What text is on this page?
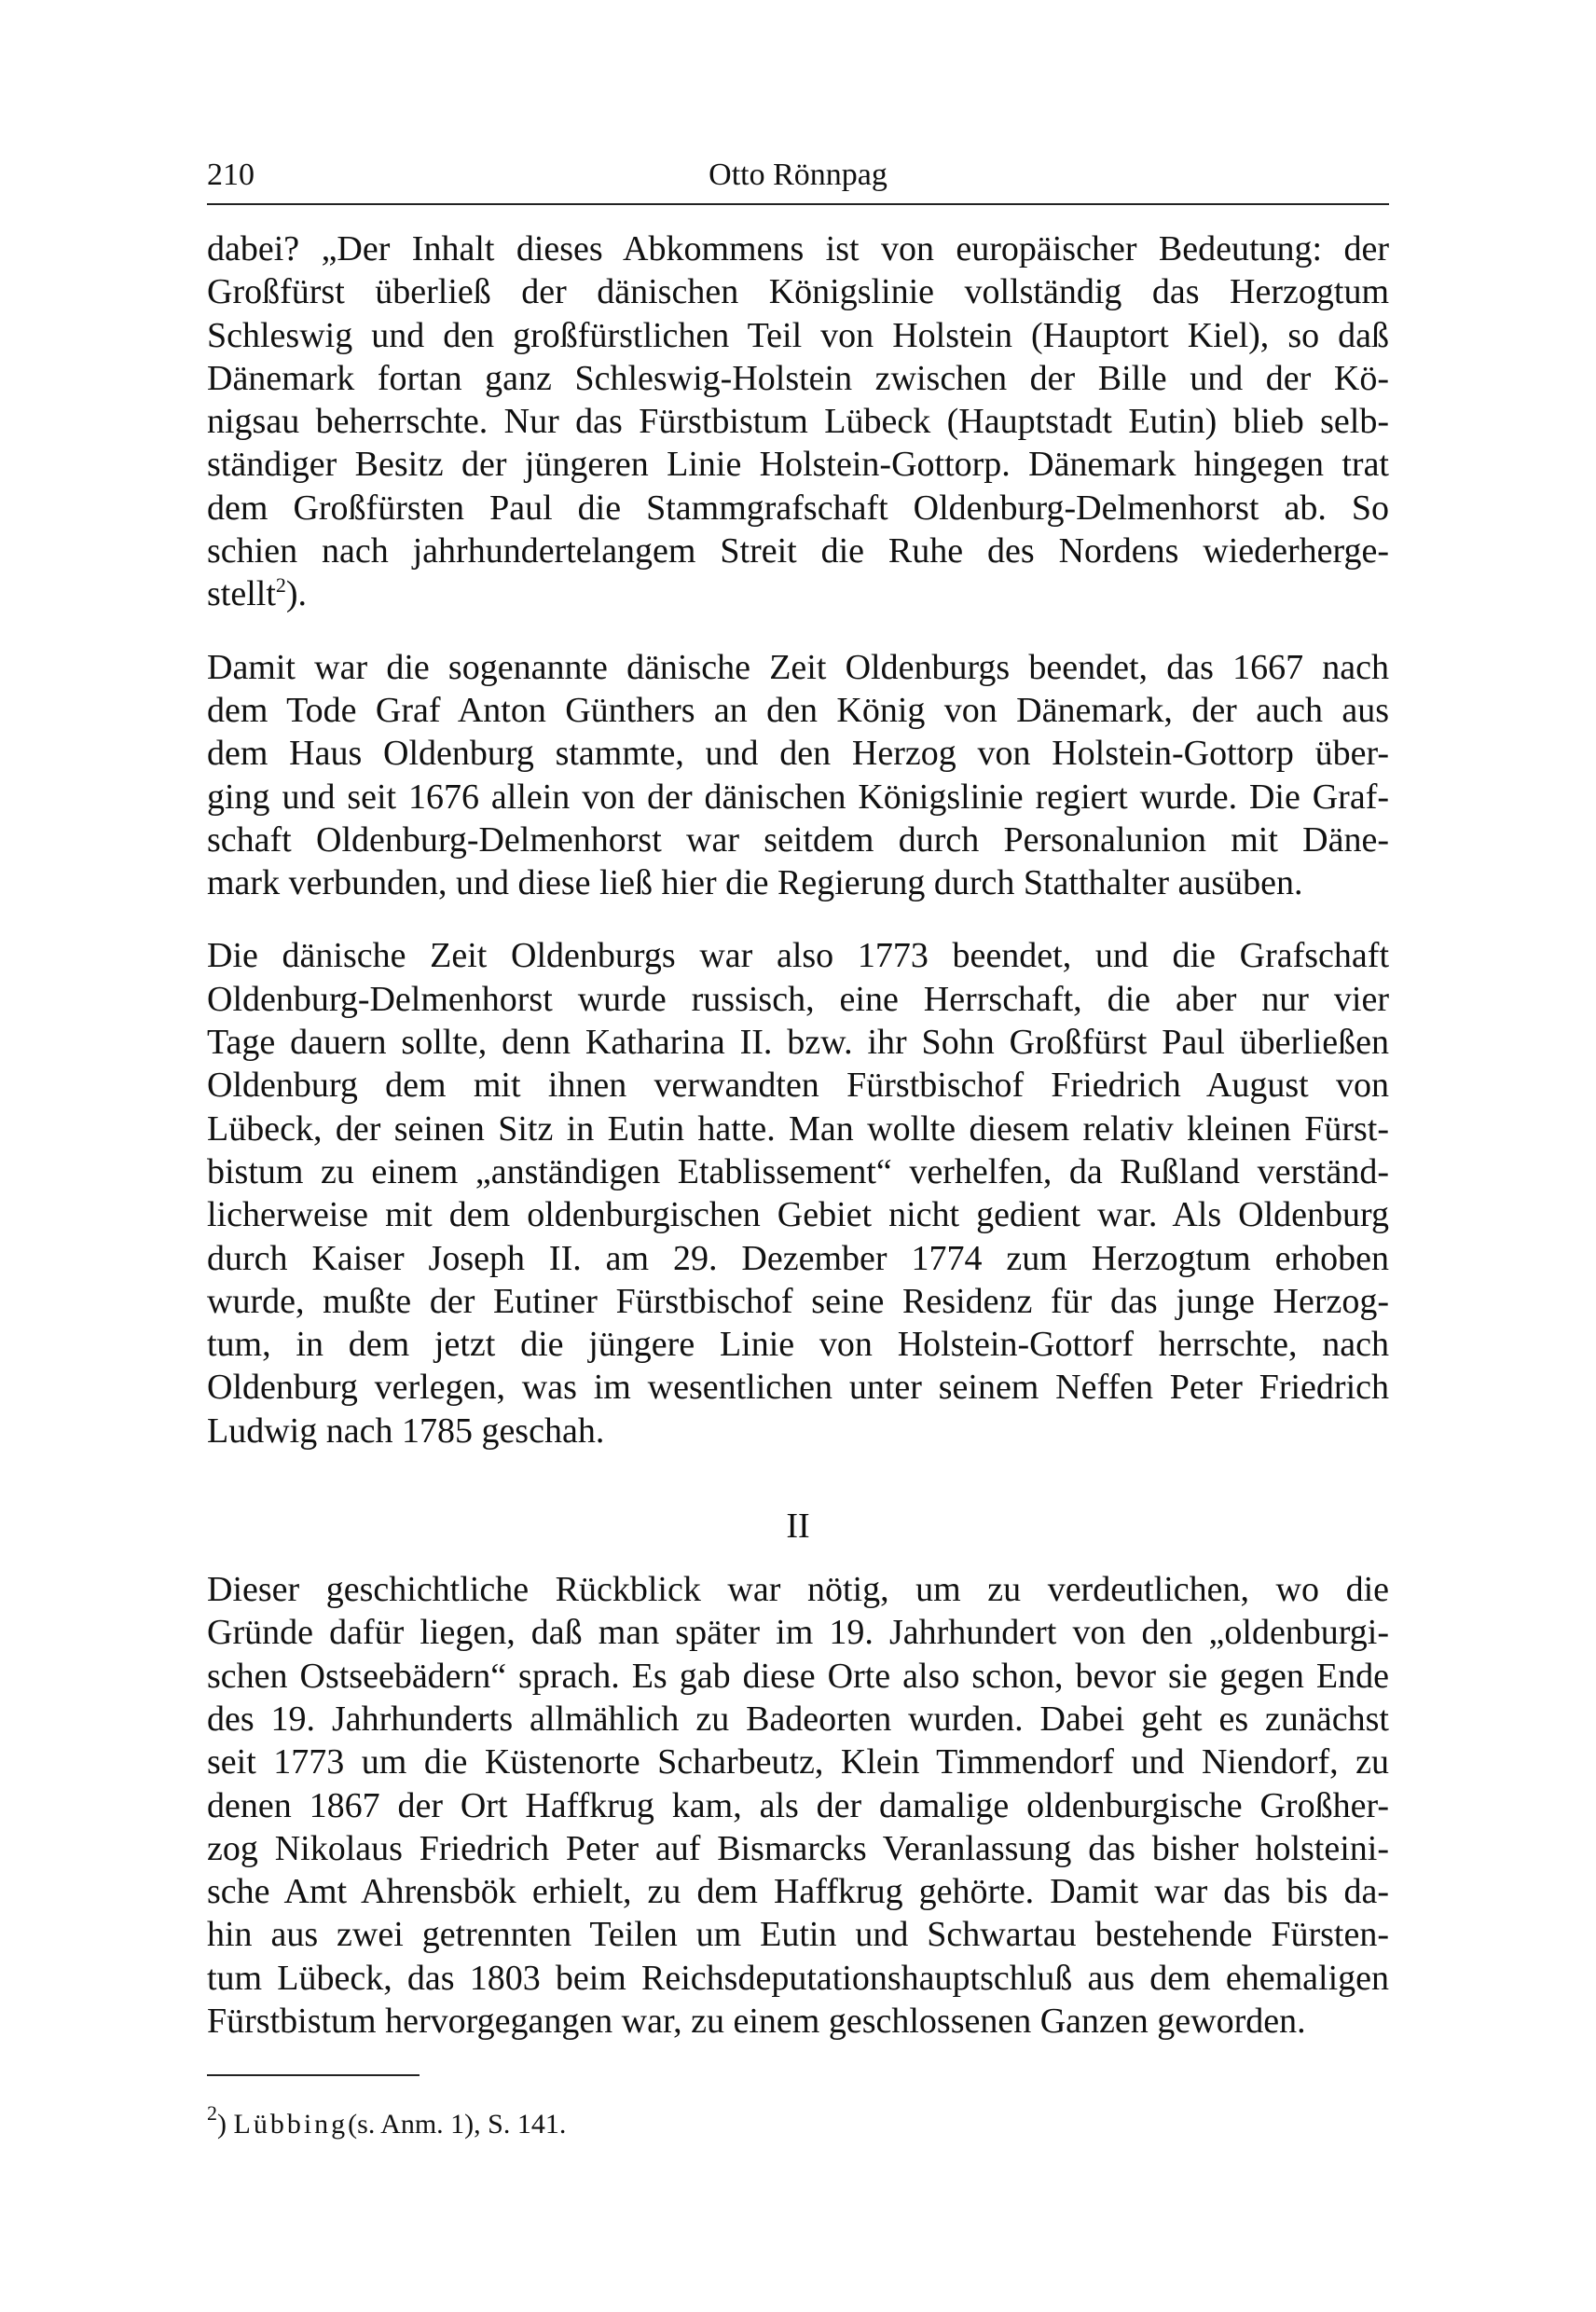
210	Otto Rönnpag

dabei? „Der Inhalt dieses Abkommens ist von europäischer Bedeutung: der
Großfürst überließ der dänischen Königslinie vollständig das Herzogtum
Schleswig und den großfürstlichen Teil von Holstein (Hauptort Kiel), so daß
Dänemark fortan ganz Schleswig-Holstein zwischen der Bille und der Kö-
nigsau beherrschte. Nur das Fürstbistum Lübeck (Hauptstadt Eutin) blieb selb-
ständiger Besitz der jüngeren Linie Holstein-Gottorp. Dänemark hingegen trat
dem Großfürsten Paul die Stammgrafschaft Oldenburg-Delmenhorst ab. So
schien nach jahrhundertelangem Streit die Ruhe des Nordens wiederherge-
stellt$^2$).

Damit war die sogenannte dänische Zeit Oldenburgs beendet, das 1667 nach
dem Tode Graf Anton Günthers an den König von Dänemark, der auch aus
dem Haus Oldenburg stammte, und den Herzog von Holstein-Gottorp über-
ging und seit 1676 allein von der dänischen Königslinie regiert wurde. Die Graf-
schaft Oldenburg-Delmenhorst war seitdem durch Personalunion mit Däne-
mark verbunden, und diese ließ hier die Regierung durch Statthalter ausüben.

Die dänische Zeit Oldenburgs war also 1773 beendet, und die Grafschaft
Oldenburg-Delmenhorst wurde russisch, eine Herrschaft, die aber nur vier
Tage dauern sollte, denn Katharina II. bzw. ihr Sohn Großfürst Paul überließen
Oldenburg dem mit ihnen verwandten Fürstbischof Friedrich August von
Lübeck, der seinen Sitz in Eutin hatte. Man wollte diesem relativ kleinen Fürst-
bistum zu einem „anständigen Etablissement“ verhelfen, da Rußland verständ-
licherweise mit dem oldenburgischen Gebiet nicht gedient war. Als Oldenburg
durch Kaiser Joseph II. am 29. Dezember 1774 zum Herzogtum erhoben
wurde, mußte der Eutiner Fürstbischof seine Residenz für das junge Herzog-
tum, in dem jetzt die jüngere Linie von Holstein-Gottorf herrschte, nach
Oldenburg verlegen, was im wesentlichen unter seinem Neffen Peter Friedrich
Ludwig nach 1785 geschah.

II

Dieser geschichtliche Rückblick war nötig, um zu verdeutlichen, wo die
Gründe dafür liegen, daß man später im 19. Jahrhundert von den „oldenburgi-
schen Ostseebädern“ sprach. Es gab diese Orte also schon, bevor sie gegen Ende
des 19. Jahrhunderts allmählich zu Badeorten wurden. Dabei geht es zunächst
seit 1773 um die Küstenorte Scharbeutz, Klein Timmendorf und Niendorf, zu
denen 1867 der Ort Haffkrug kam, als der damalige oldenburgische Großher-
zog Nikolaus Friedrich Peter auf Bismarcks Veranlassung das bisher holsteini-
sche Amt Ahrensbök erhielt, zu dem Haffkrug gehörte. Damit war das bis da-
hin aus zwei getrennten Teilen um Eutin und Schwartau bestehende Fürsten-
tum Lübeck, das 1803 beim Reichsdeputationshauptschluß aus dem ehemaligen
Fürstbistum hervorgegangen war, zu einem geschlossenen Ganzen geworden.

$^2$) Lübbing(s. Anm. 1), S. 141.
